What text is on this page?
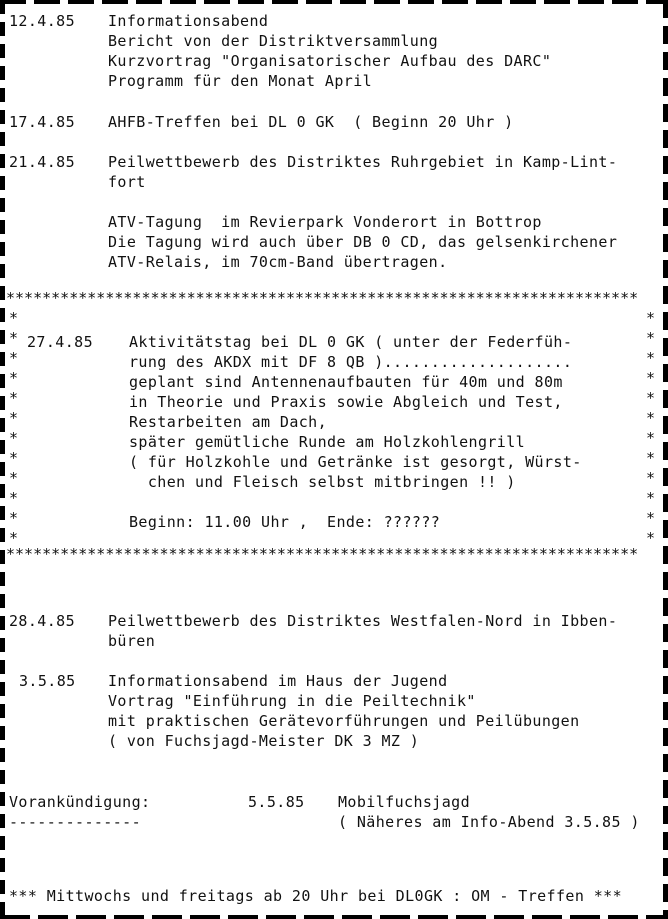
12.4.85 Informationsabend
Bericht von der Distriktversammlung
Kurzvortrag "Organisatorischer Aufbau des DARC"
Programm für den Monat April
17.4.85 AHFB-Treffen bei DL 0 GK  ( Beginn 20 Uhr )
21.4.85 Peilwettbewerb des Distriktes Ruhrgebiet in Kamp-Lint-
fort
ATV-Tagung  im Revierpark Vonderort in Bottrop
Die Tagung wird auch über DB 0 CD, das gelsenkirchener
ATV-Relais, im 70cm-Band übertragen.
**********************************************************************
*
*
*
*
*
*
*
*
*
*
*
*
*
*
*
*
*
*
*
*
*
*
*
*
27.4.85 Aktivitätstag bei DL 0 GK ( unter der Federfüh-
rung des AKDX mit DF 8 QB )....................
geplant sind Antennenaufbauten für 40m und 80m
in Theorie und Praxis sowie Abgleich und Test,
Restarbeiten am Dach,
später gemütliche Runde am Holzkohlengrill
( für Holzkohle und Getränke ist gesorgt, Würst-
chen und Fleisch selbst mitbringen !! )
Beginn: 11.00 Uhr ,  Ende: ??????
**********************************************************************
28.4.85 Peilwettbewerb des Distriktes Westfalen-Nord in Ibben-
büren
3.5.85 Informationsabend im Haus der Jugend
Vortrag "Einführung in die Peiltechnik"
mit praktischen Gerätevorführungen und Peilübungen
( von Fuchsjagd-Meister DK 3 MZ )
Vorankündigung:
--------------
5.5.85 Mobilfuchsjagd
( Näheres am Info-Abend 3.5.85 )
*** Mittwochs und freitags ab 20 Uhr bei DL0GK : OM - Treffen ***
